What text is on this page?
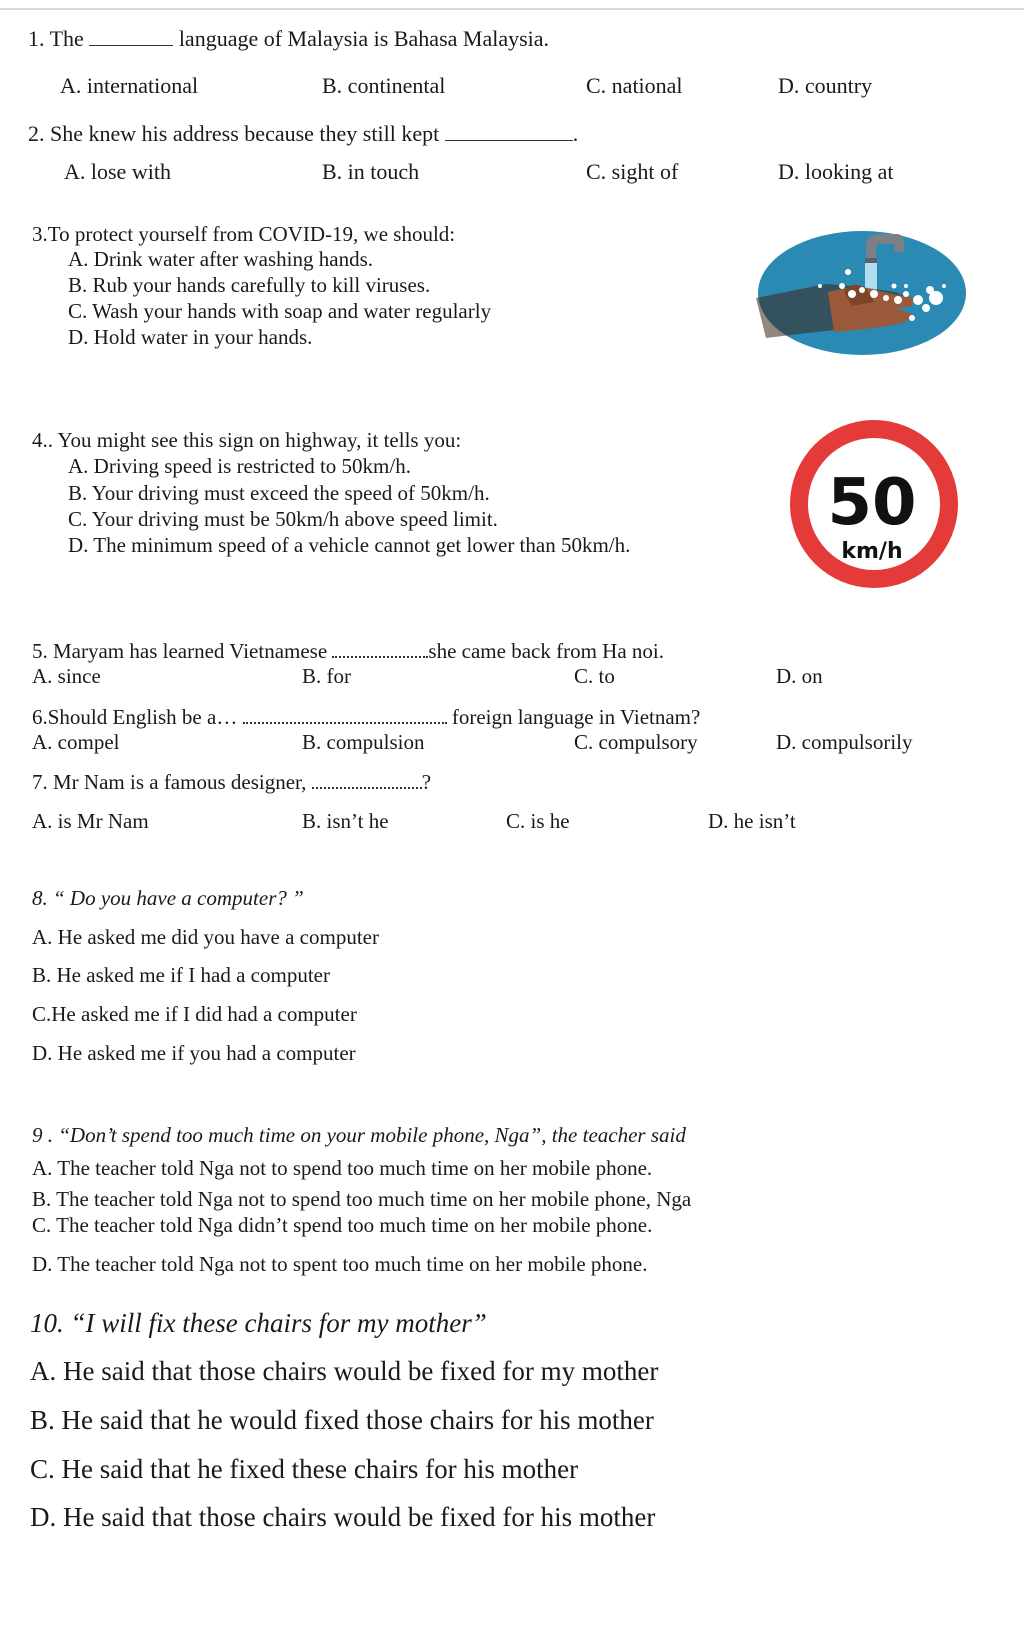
1. The	language of Malaysia is Bahasa Malaysia.
A. international	B. continental	C. national	D. country
2. She knew his address because they still kept	.
A. lose with	B. in touch	C. sight of	D. looking at
3.To protect yourself from COVID-19, we should:
A. Drink water after washing hands.
B. Rub your hands carefully to kill viruses.
C. Wash your hands with soap and water regularly
D. Hold water in your hands.
4.. You might see this sign on highway, it tells you:
A. Driving speed is restricted to 50km/h.
B. Your driving must exceed the speed of 50km/h.
C. Your driving must be 50km/h above speed limit.
D. The minimum speed of a vehicle cannot get lower than 50km/h.
50
km/h
5. Maryam has learned Vietnamese	she came back from Ha noi.
A. since	B. for	C. to	D. on
6.Should English be a…	foreign language in Vietnam?
A. compel	B. compulsion	C. compulsory	D. compulsorily
7. Mr Nam is a famous designer,	?
A. is Mr Nam	B. isn’t he	C. is he	D. he isn’t
8. “ Do you have a computer? ”
A. He asked me did you have a computer
B. He asked me if I had a computer
C.He asked me if I did had a computer
D. He asked me if you had a computer
9 . “Don’t spend too much time on your mobile phone, Nga”, the teacher said
A. The teacher told Nga not to spend too much time on her mobile phone.
B. The teacher told Nga not to spend too much time on her mobile phone, Nga
C. The teacher told Nga didn’t spend too much time on her mobile phone.
D. The teacher told Nga not to spent too much time on her mobile phone.
10. “I will fix these chairs for my mother”
A. He said that those chairs would be fixed for my mother
B. He said that he would fixed those chairs for his mother
C. He said that he fixed these chairs for his mother
D. He said that those chairs would be fixed for his mother
